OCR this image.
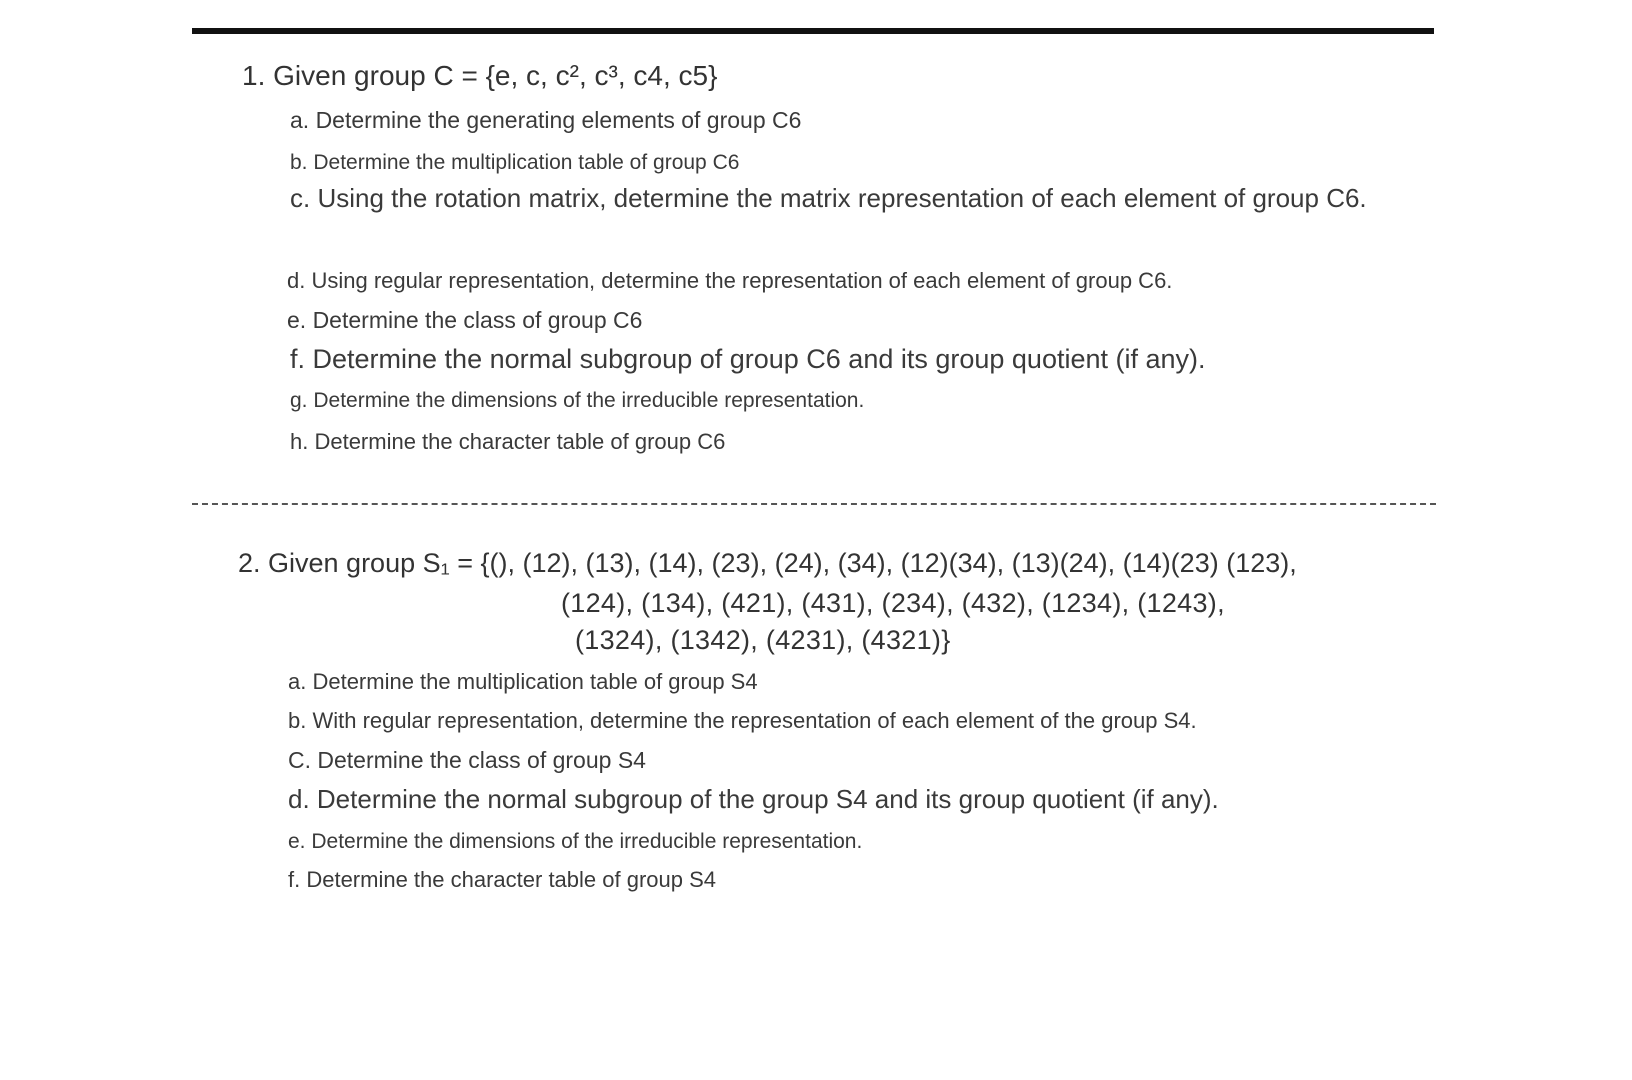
1. Given group C = {e, c, c², c³, c4, c5}
a. Determine the generating elements of group C6
b. Determine the multiplication table of group C6
c. Using the rotation matrix, determine the matrix representation of each element of group C6.
d. Using regular representation, determine the representation of each element of group C6.
e. Determine the class of group C6
f. Determine the normal subgroup of group C6 and its group quotient (if any).
g. Determine the dimensions of the irreducible representation.
h. Determine the character table of group C6
2. Given group S₁ = {(), (12), (13), (14), (23), (24), (34), (12)(34), (13)(24), (14)(23) (123),
(124), (134), (421), (431), (234), (432), (1234), (1243),
(1324), (1342), (4231), (4321)}
a. Determine the multiplication table of group S4
b. With regular representation, determine the representation of each element of the group S4.
C. Determine the class of group S4
d. Determine the normal subgroup of the group S4 and its group quotient (if any).
e. Determine the dimensions of the irreducible representation.
f. Determine the character table of group S4
